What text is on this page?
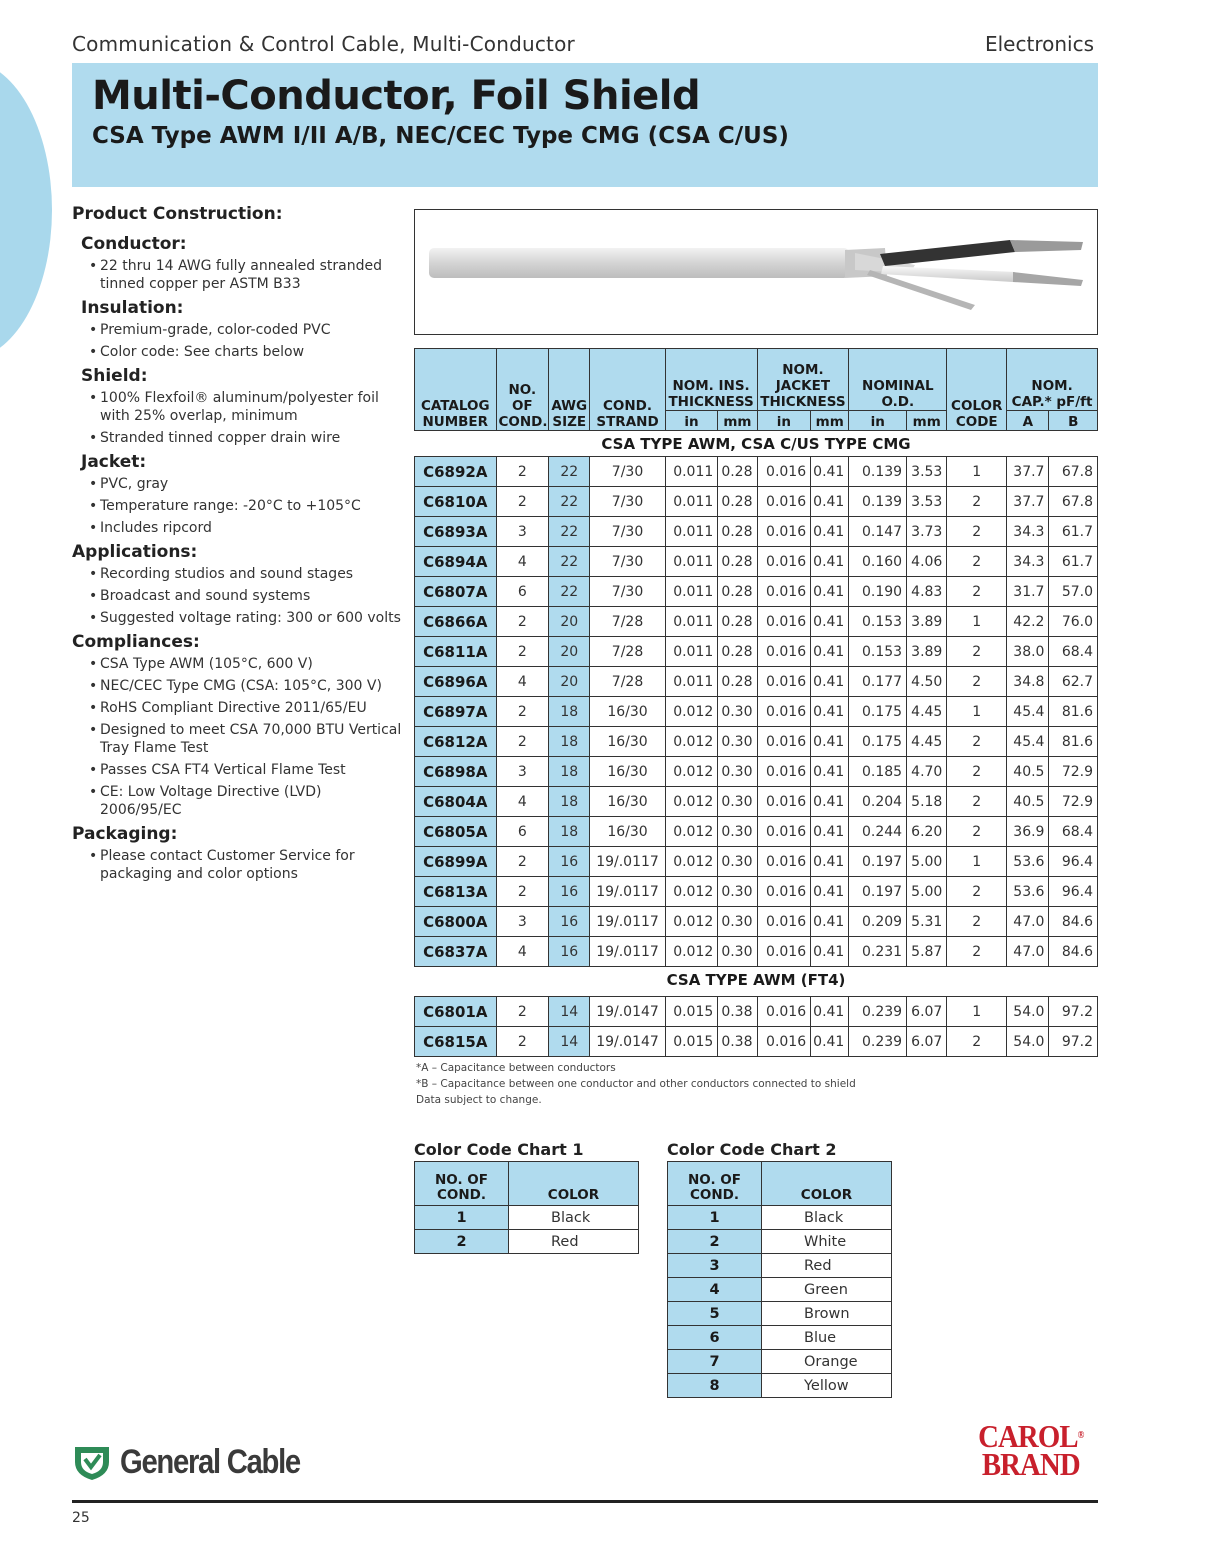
Communication & Control Cable, Multi-Conductor	Electronics
Multi-Conductor, Foil Shield
CSA Type AWM I/II A/B, NEC/CEC Type CMG (CSA C/US)
Product Construction:
Conductor:
• 22 thru 14 AWG fully annealed stranded tinned copper per ASTM B33
Insulation:
• Premium-grade, color-coded PVC
• Color code: See charts below
Shield:
• 100% Flexfoil® aluminum/polyester foil with 25% overlap, minimum
• Stranded tinned copper drain wire
Jacket:
• PVC, gray
• Temperature range: -20°C to +105°C
• Includes ripcord
Applications:
• Recording studios and sound stages
• Broadcast and sound systems
• Suggested voltage rating: 300 or 600 volts
Compliances:
• CSA Type AWM (105°C, 600 V)
• NEC/CEC Type CMG (CSA: 105°C, 300 V)
• RoHS Compliant Directive 2011/65/EU
• Designed to meet CSA 70,000 BTU Vertical Tray Flame Test
• Passes CSA FT4 Vertical Flame Test
• CE: Low Voltage Directive (LVD) 2006/95/EC
Packaging:
• Please contact Customer Service for packaging and color options
CATALOG NUMBER	NO. OF COND.	AWG SIZE	COND. STRAND	NOM. INS. THICKNESS		NOM. JACKET THICKNESS		NOMINAL O.D.		COLOR CODE	NOM. CAP.* pF/ft	
				in	mm	in	mm	in	mm		A	B
CSA TYPE AWM, CSA C/US TYPE CMG												
C6892A	2	22	7/30	0.011	0.28	0.016	0.41	0.139	3.53	1	37.7	67.8
C6810A	2	22	7/30	0.011	0.28	0.016	0.41	0.139	3.53	2	37.7	67.8
C6893A	3	22	7/30	0.011	0.28	0.016	0.41	0.147	3.73	2	34.3	61.7
C6894A	4	22	7/30	0.011	0.28	0.016	0.41	0.160	4.06	2	34.3	61.7
C6807A	6	22	7/30	0.011	0.28	0.016	0.41	0.190	4.83	2	31.7	57.0
C6866A	2	20	7/28	0.011	0.28	0.016	0.41	0.153	3.89	1	42.2	76.0
C6811A	2	20	7/28	0.011	0.28	0.016	0.41	0.153	3.89	2	38.0	68.4
C6896A	4	20	7/28	0.011	0.28	0.016	0.41	0.177	4.50	2	34.8	62.7
C6897A	2	18	16/30	0.012	0.30	0.016	0.41	0.175	4.45	1	45.4	81.6
C6812A	2	18	16/30	0.012	0.30	0.016	0.41	0.175	4.45	2	45.4	81.6
C6898A	3	18	16/30	0.012	0.30	0.016	0.41	0.185	4.70	2	40.5	72.9
C6804A	4	18	16/30	0.012	0.30	0.016	0.41	0.204	5.18	2	40.5	72.9
C6805A	6	18	16/30	0.012	0.30	0.016	0.41	0.244	6.20	2	36.9	68.4
C6899A	2	16	19/.0117	0.012	0.30	0.016	0.41	0.197	5.00	1	53.6	96.4
C6813A	2	16	19/.0117	0.012	0.30	0.016	0.41	0.197	5.00	2	53.6	96.4
C6800A	3	16	19/.0117	0.012	0.30	0.016	0.41	0.209	5.31	2	47.0	84.6
C6837A	4	16	19/.0117	0.012	0.30	0.016	0.41	0.231	5.87	2	47.0	84.6
CSA TYPE AWM (FT4)												

C6801A	2	14	19/.0147	0.015	0.38	0.016	0.41	0.239	6.07	1	54.0	97.2
C6815A	2	14	19/.0147	0.015	0.38	0.016	0.41	0.239	6.07	2	54.0	97.2
*A – Capacitance between conductors
*B – Capacitance between one conductor and other conductors connected to shield
Data subject to change.
Color Code Chart 1
NO. OF COND.	COLOR
1	Black
2	Red
Color Code Chart 2
NO. OF COND.	COLOR
1	Black
2	White
3	Red
4	Green
5	Brown
6	Blue
7	Orange
8	Yellow
General Cable
CAROL®
BRAND
25
